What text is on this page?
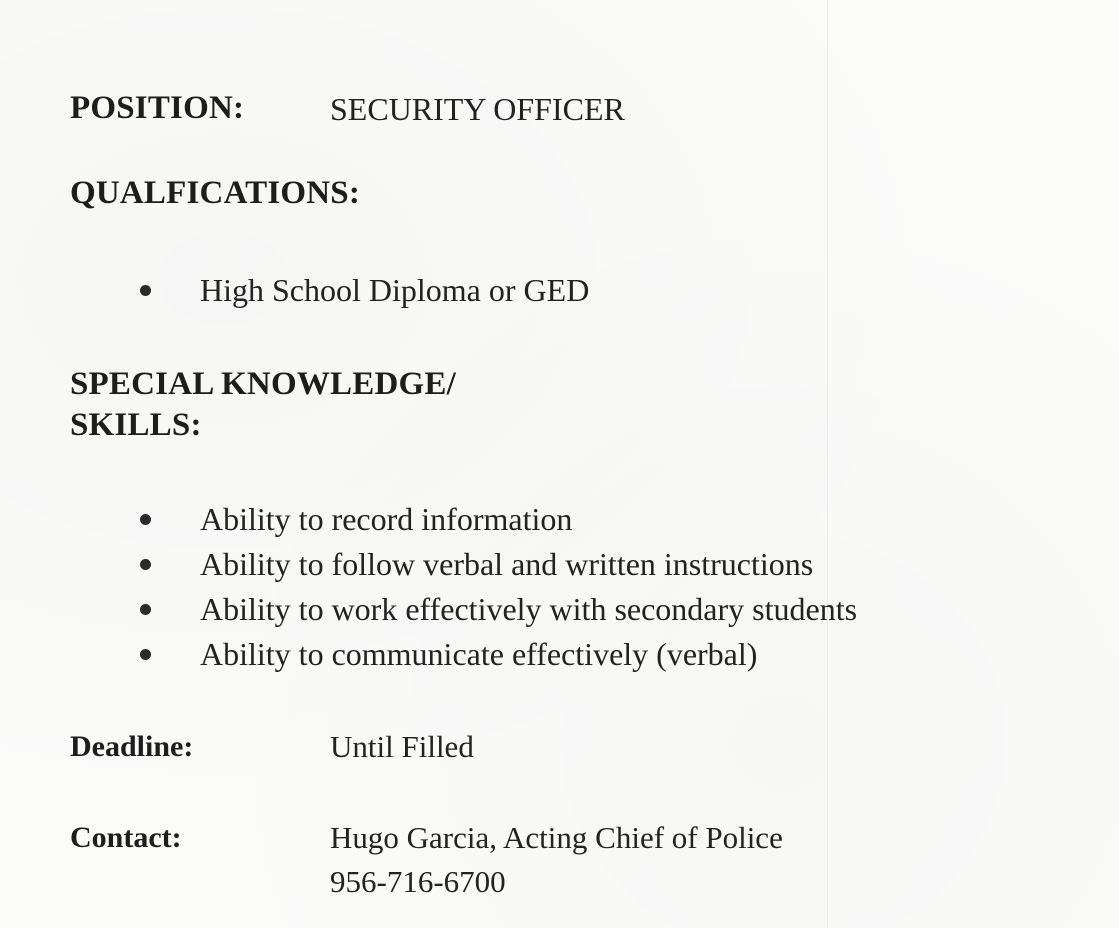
POSITION:	SECURITY OFFICER
QUALFICATIONS:
High School Diploma or GED
SPECIAL KNOWLEDGE/
SKILLS:
Ability to record information
Ability to follow verbal and written instructions
Ability to work effectively with secondary students
Ability to communicate effectively (verbal)
Deadline:	Until Filled
Contact:	Hugo Garcia, Acting Chief of Police
956-716-6700
